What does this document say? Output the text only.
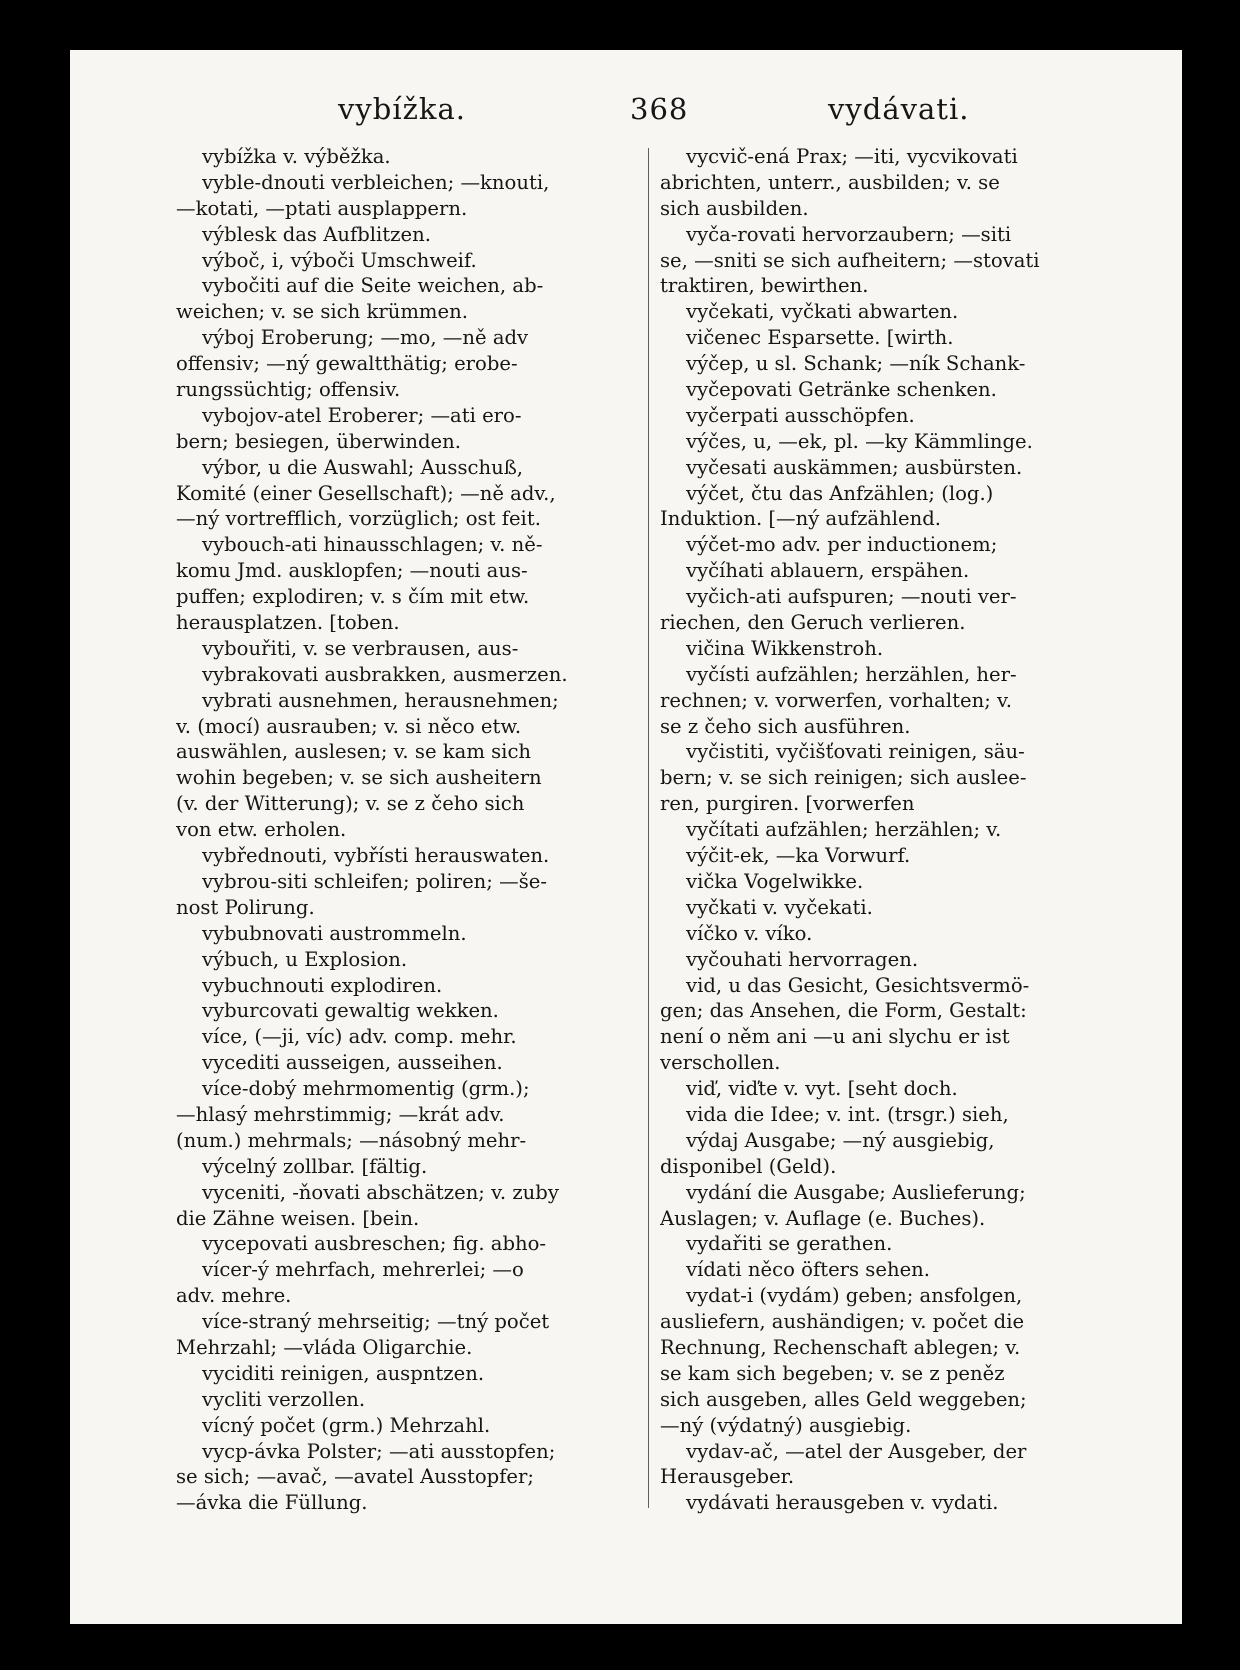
vybížka.	368	vydávati.
vybížka v. výběžka.
vyble-dnouti verbleichen; —knouti,
—kotati, —ptati ausplappern.
výblesk das Aufblitzen.
výboč, i, výboči Umschweif.
vybočiti auf die Seite weichen, ab-
weichen; v. se sich krümmen.
výboj Eroberung; —mo, —ně adv
offensiv; —ný gewaltthätig; erobe-
rungssüchtig; offensiv.
vybojov-atel Eroberer; —ati ero-
bern; besiegen, überwinden.
výbor, u die Auswahl; Ausschuß,
Komité (einer Gesellschaft); —ně adv.,
—ný vortrefflich, vorzüglich; ost feit.
vybouch-ati hinausschlagen; v. ně-
komu Jmd. ausklopfen; —nouti aus-
puffen; explodiren; v. s čím mit etw.
herausplatzen. [toben.
vybouřiti, v. se verbrausen, aus-
vybrakovati ausbrakken, ausmerzen.
vybrati ausnehmen, herausnehmen;
v. (mocí) ausrauben; v. si něco etw.
auswählen, auslesen; v. se kam sich
wohin begeben; v. se sich ausheitern
(v. der Witterung); v. se z čeho sich
von etw. erholen.
vybřednouti, vybřísti herauswaten.
vybrou-siti schleifen; poliren; —še-
nost Polirung.
vybubnovati austrommeln.
výbuch, u Explosion.
vybuchnouti explodiren.
vyburcovati gewaltig wekken.
více, (—ji, víc) adv. comp. mehr.
vycediti ausseigen, ausseihen.
více-dobý mehrmomentig (grm.);
—hlasý mehrstimmig; —krát adv.
(num.) mehrmals; —násobný mehr-
výcelný zollbar. [fältig.
vyceniti, -ňovati abschätzen; v. zuby
die Zähne weisen. [bein.
vycepovati ausbreschen; fig. abho-
vícer-ý mehrfach, mehrerlei; —o
adv. mehre.
více-straný mehrseitig; —tný počet
Mehrzahl; —vláda Oligarchie.
vyciditi reinigen, auspntzen.
vycliti verzollen.
vícný počet (grm.) Mehrzahl.
vycp-ávka Polster; —ati ausstopfen;
se sich; —avač, —avatel Ausstopfer;
—ávka die Füllung.
vycvič-ená Prax; —iti, vycvikovati
abrichten, unterr., ausbilden; v. se
sich ausbilden.
vyča-rovati hervorzaubern; —siti
se, —sniti se sich aufheitern; —stovati
traktiren, bewirthen.
vyčekati, vyčkati abwarten.
vičenec Esparsette. [wirth.
výčep, u sl. Schank; —ník Schank-
vyčepovati Getränke schenken.
vyčerpati ausschöpfen.
výčes, u, —ek, pl. —ky Kämmlinge.
vyčesati auskämmen; ausbürsten.
výčet, čtu das Anfzählen; (log.)
Induktion. [—ný aufzählend.
výčet-mo adv. per inductionem;
vyčíhati ablauern, erspähen.
vyčich-ati aufspuren; —nouti ver-
riechen, den Geruch verlieren.
vičina Wikkenstroh.
vyčísti aufzählen; herzählen, her-
rechnen; v. vorwerfen, vorhalten; v.
se z čeho sich ausführen.
vyčistiti, vyčišťovati reinigen, säu-
bern; v. se sich reinigen; sich auslee-
ren, purgiren. [vorwerfen
vyčítati aufzählen; herzählen; v.
výčit-ek, —ka Vorwurf.
vička Vogelwikke.
vyčkati v. vyčekati.
víčko v. víko.
vyčouhati hervorragen.
vid, u das Gesicht, Gesichtsvermö-
gen; das Ansehen, die Form, Gestalt:
není o něm ani —u ani slychu er ist
verschollen.
viď, viďte v. vyt. [seht doch.
vida die Idee; v. int. (trsgr.) sieh,
výdaj Ausgabe; —ný ausgiebig,
disponibel (Geld).
vydání die Ausgabe; Auslieferung;
Auslagen; v. Auflage (e. Buches).
vydařiti se gerathen.
vídati něco öfters sehen.
vydat-i (vydám) geben; ansfolgen,
ausliefern, aushändigen; v. počet die
Rechnung, Rechenschaft ablegen; v.
se kam sich begeben; v. se z peněz
sich ausgeben, alles Geld weggeben;
—ný (výdatný) ausgiebig.
vydav-ač, —atel der Ausgeber, der
Herausgeber.
vydávati herausgeben v. vydati.
